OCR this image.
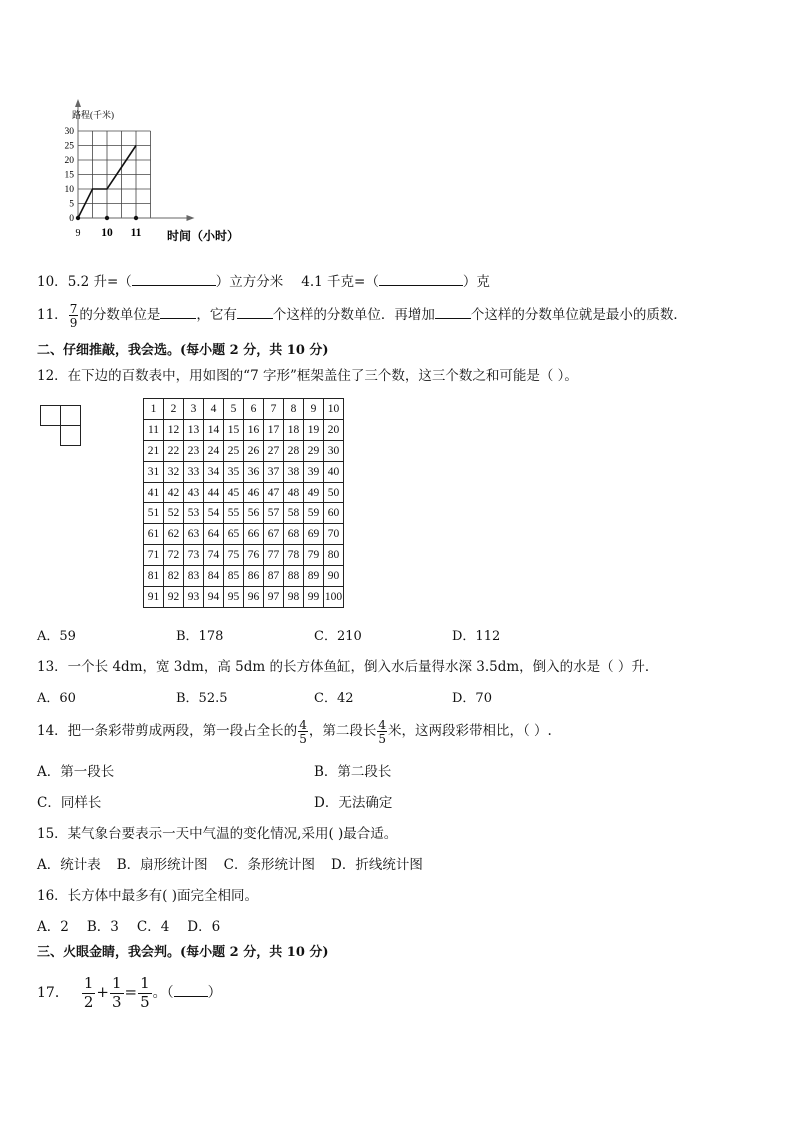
30
25
20
15
10
5
0
9 10 11
路程(千米)
时间（小时）
10．5.2 升=（	）立方分米 4.1 千克=（	）克
11． $\frac{7}{9}$ 的分数单位是	，它有	个这样的分数单位．再增加	个这样的分数单位就是最小的质数．
二、仔细推敲，我会选。(每小题 2 分，共 10 分)
12．在下边的百数表中，用如图的“7 字形”框架盖住了三个数，这三个数之和可能是（ ）。
1	2	3	4	5	6	7	8	9	10
11	12	13	14	15	16	17	18	19	20
21	22	23	24	25	26	27	28	29	30
31	32	33	34	35	36	37	38	39	40
41	42	43	44	45	46	47	48	49	50
51	52	53	54	55	56	57	58	59	60
61	62	63	64	65	66	67	68	69	70
71	72	73	74	75	76	77	78	79	80
81	82	83	84	85	86	87	88	89	90
91	92	93	94	95	96	97	98	99	100
A．59	B．178	C．210	D．112
13．一个长 4dm，宽 3dm，高 5dm 的长方体鱼缸，倒入水后量得水深 3.5dm，倒入的水是（ ）升．
A．60	B．52.5	C．42	D．70
14．把一条彩带剪成两段，第一段占全长的 $\frac{4}{5}$ ，第二段长 $\frac{4}{5}$ 米，这两段彩带相比，（ ）.
A．第一段长	B．第二段长
C．同样长	D．无法确定
15．某气象台要表示一天中气温的变化情况,采用( )最合适。
A．统计表 B．扇形统计图 C．条形统计图 D．折线统计图
16．长方体中最多有( )面完全相同。
A．2 B．3 C．4 D．6
三、火眼金睛，我会判。(每小题 2 分，共 10 分)
17． $\frac{1}{2} + \frac{1}{3} = \frac{1}{5}$ 。（ ）
